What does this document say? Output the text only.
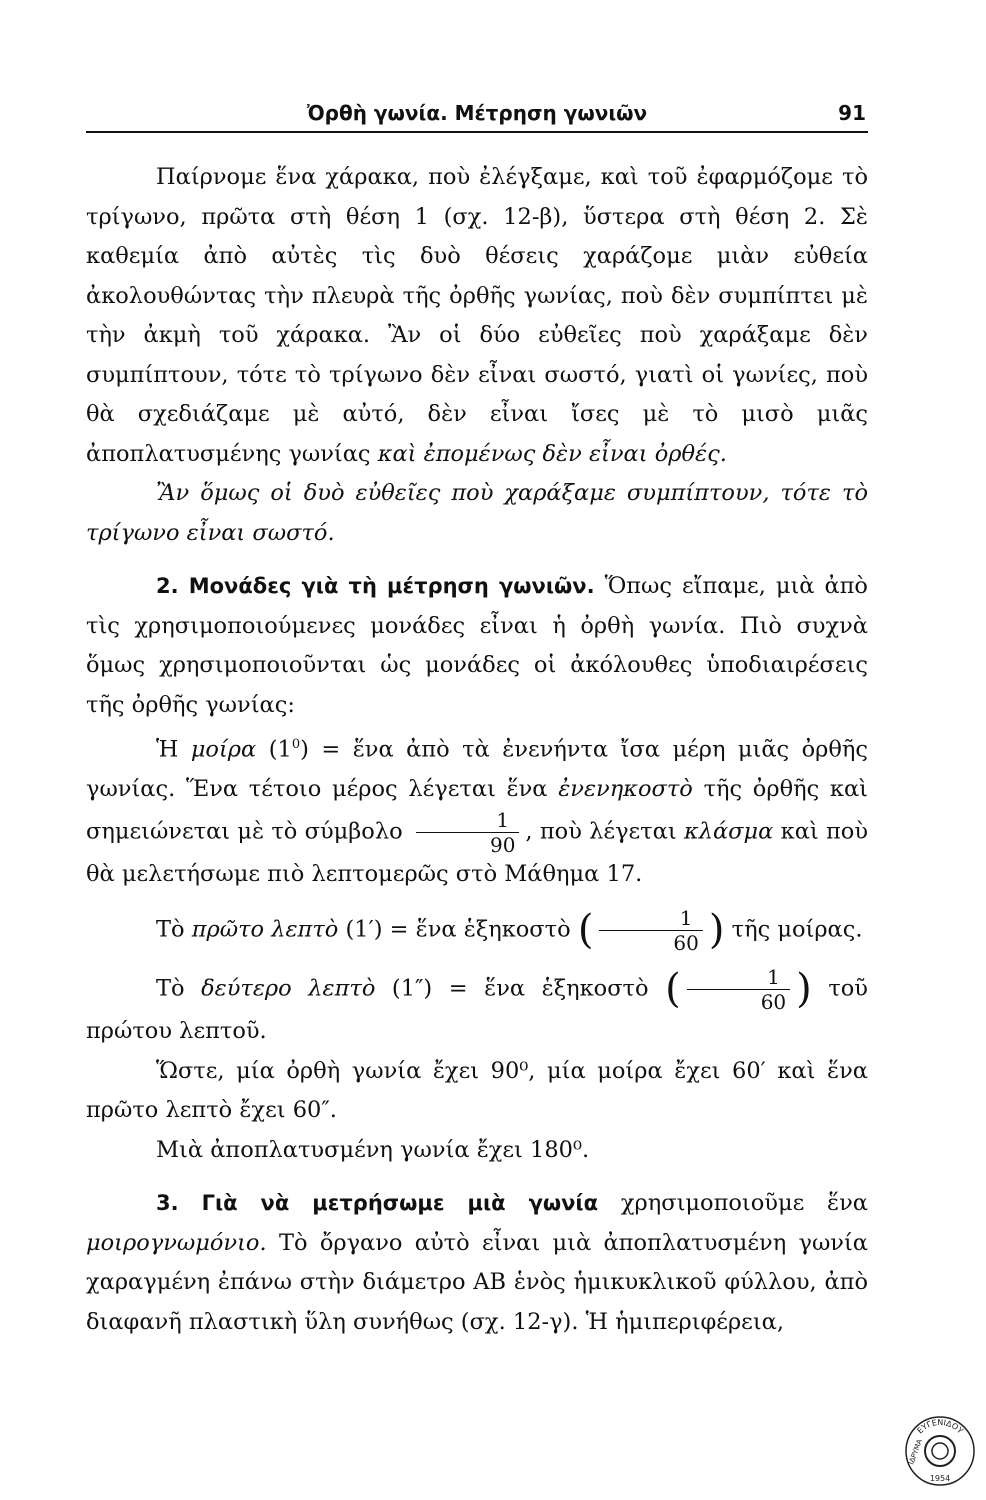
Ὀρθὴ γωνία. Μέτρηση γωνιῶν	91

Παίρνομε ἕνα χάρακα, ποὺ ἐλέγξαμε, καὶ τοῦ ἐφαρμόζομε τὸ τρίγωνο, πρῶτα στὴ θέση 1 (σχ. 12-β), ὕστερα στὴ θέση 2. Σὲ καθεμία ἀπὸ αὐτὲς τὶς δυὸ θέσεις χαράζομε μιὰν εὐθεία ἀκολουθώντας τὴν πλευρὰ τῆς ὀρθῆς γωνίας, ποὺ δὲν συμπίπτει μὲ τὴν ἀκμὴ τοῦ χάρακα. Ἂν οἱ δύο εὐθεῖες ποὺ χαράξαμε δὲν συμπίπτουν, τότε τὸ τρίγωνο δὲν εἶναι σωστό, γιατὶ οἱ γωνίες, ποὺ θὰ σχεδιάζαμε μὲ αὐτό, δὲν εἶναι ἴσες μὲ τὸ μισὸ μιᾶς ἀποπλατυσμένης γωνίας καὶ ἐπομένως δὲν εἶναι ὀρθές.

Ἂν ὅμως οἱ δυὸ εὐθεῖες ποὺ χαράξαμε συμπίπτουν, τότε τὸ τρίγωνο εἶναι σωστό.

2. Μονάδες γιὰ τὴ μέτρηση γωνιῶν. Ὅπως εἴπαμε, μιὰ ἀπὸ τὶς χρησιμοποιούμενες μονάδες εἶναι ἡ ὀρθὴ γωνία. Πιὸ συχνὰ ὅμως χρησιμοποιοῦνται ὡς μονάδες οἱ ἀκόλουθες ὑποδιαιρέσεις τῆς ὀρθῆς γωνίας:

Ἡ μοίρα $(1^0)$ = ἕνα ἀπὸ τὰ ἐνενήντα ἴσα μέρη μιᾶς ὀρθῆς γωνίας. Ἕνα τέτοιο μέρος λέγεται ἕνα ἐνενηκοστὸ τῆς ὀρθῆς καὶ σημειώνεται μὲ τὸ σύμβολο $\frac{1}{90}$ , ποὺ λέγεται κλάσμα καὶ ποὺ θὰ μελετήσωμε πιὸ λεπτομερῶς στὸ Μάθημα 17.

Τὸ πρῶτο λεπτὸ (1′) = ἕνα ἑξηκοστὸ ( $\frac{1}{60}$ ) τῆς μοίρας.

Τὸ δεύτερο λεπτὸ (1″) = ἕνα ἑξηκοστὸ ( $\frac{1}{60}$ ) τοῦ πρώτου λεπτοῦ.

Ὥστε, μία ὀρθὴ γωνία ἔχει 90⁰, μία μοίρα ἔχει 60′ καὶ ἕνα πρῶτο λεπτὸ ἔχει 60″.

Μιὰ ἀποπλατυσμένη γωνία ἔχει 180⁰.

3. Γιὰ νὰ μετρήσωμε μιὰ γωνία χρησιμοποιοῦμε ἕνα μοιρογνωμόνιο. Τὸ ὄργανο αὐτὸ εἶναι μιὰ ἀποπλατυσμένη γωνία χαραγμένη ἐπάνω στὴν διάμετρο ΑΒ ἑνὸς ἡμικυκλικοῦ φύλλου, ἀπὸ διαφανῆ πλαστικὴ ὕλη συνήθως (σχ. 12-γ). Ἡ ἡμιπεριφέρεια,

ΕΥΓΕΝΙΔΟΥ
ΙΔΡΥΜΑ
1954
